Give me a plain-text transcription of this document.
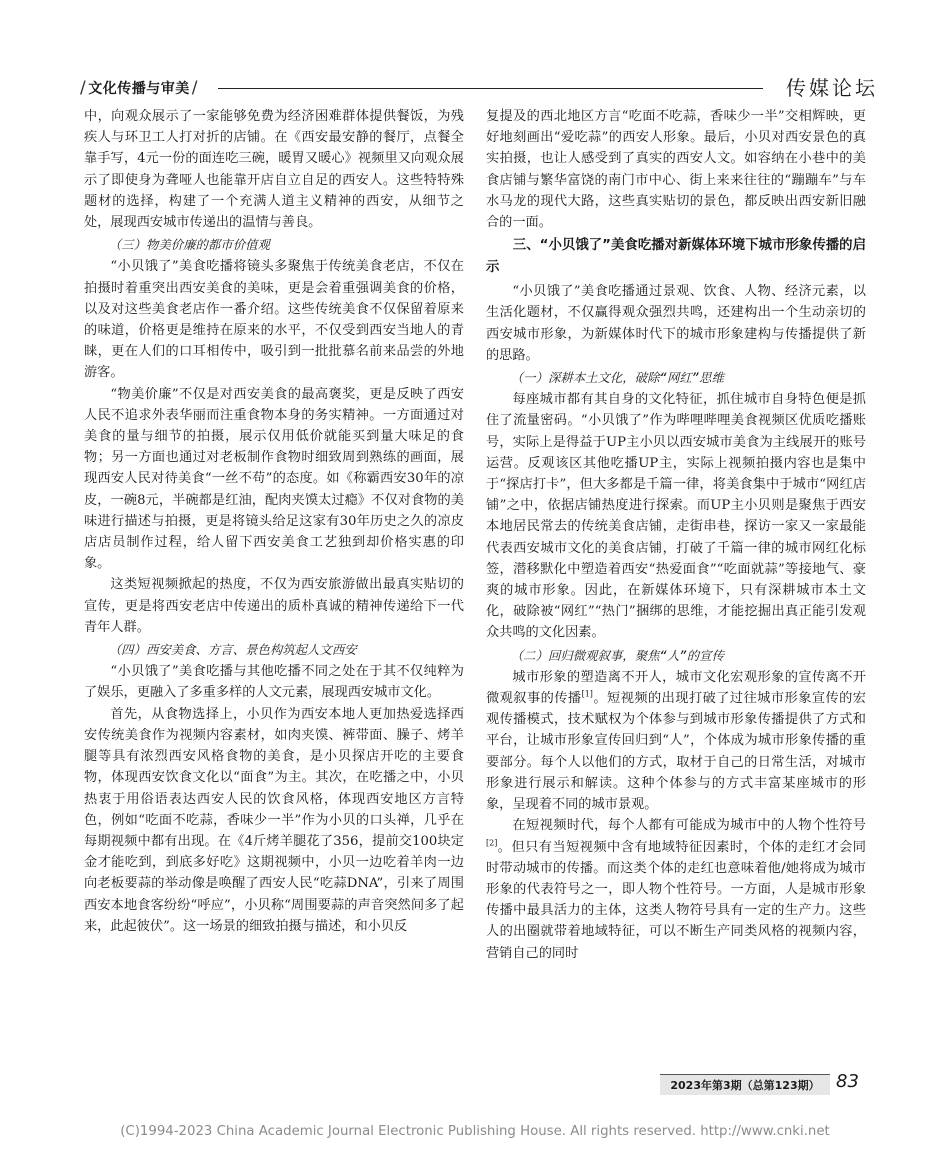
/ 文化传播与审美 /	传媒论坛

中，向观众展示了一家能够免费为经济困难群体提供餐饭，为残疾人与环卫工人打对折的店铺。在《西安最安静的餐厅，点餐全靠手写，4元一份的面连吃三碗，暖胃又暖心》视频里又向观众展示了即使身为聋哑人也能靠开店自立自足的西安人。这些特特殊题材的选择，构建了一个充满人道主义精神的西安，从细节之处，展现西安城市传递出的温情与善良。

（三）物美价廉的都市价值观

“小贝饿了”美食吃播将镜头多聚焦于传统美食老店，不仅在拍摄时着重突出西安美食的美味，更是会着重强调美食的价格，以及对这些美食老店作一番介绍。这些传统美食不仅保留着原来的味道，价格更是维持在原来的水平，不仅受到西安当地人的青睐，更在人们的口耳相传中，吸引到一批批慕名前来品尝的外地游客。

“物美价廉”不仅是对西安美食的最高褒奖，更是反映了西安人民不追求外表华丽而注重食物本身的务实精神。一方面通过对美食的量与细节的拍摄，展示仅用低价就能买到量大味足的食物；另一方面也通过对老板制作食物时细致周到熟练的画面，展现西安人民对待美食“一丝不苟”的态度。如《称霸西安30年的凉皮，一碗8元，半碗都是红油，配肉夹馍太过瘾》不仅对食物的美味进行描述与拍摄，更是将镜头给足这家有30年历史之久的凉皮店店员制作过程，给人留下西安美食工艺独到却价格实惠的印象。

这类短视频掀起的热度，不仅为西安旅游做出最真实贴切的宣传，更是将西安老店中传递出的质朴真诚的精神传递给下一代青年人群。

（四）西安美食、方言、景色构筑起人文西安

“小贝饿了”美食吃播与其他吃播不同之处在于其不仅纯粹为了娱乐，更融入了多重多样的人文元素，展现西安城市文化。

首先，从食物选择上，小贝作为西安本地人更加热爱选择西安传统美食作为视频内容素材，如肉夹馍、裤带面、臊子、烤羊腿等具有浓烈西安风格食物的美食，是小贝探店开吃的主要食物，体现西安饮食文化以“面食”为主。其次，在吃播之中，小贝热衷于用俗语表达西安人民的饮食风格，体现西安地区方言特色，例如“吃面不吃蒜，香味少一半”作为小贝的口头禅，几乎在每期视频中都有出现。在《4斤烤羊腿花了356，提前交100块定金才能吃到，到底多好吃》这期视频中，小贝一边吃着羊肉一边向老板要蒜的举动像是唤醒了西安人民“吃蒜DNA”，引来了周围西安本地食客纷纷“呼应”，小贝称“周围要蒜的声音突然间多了起来，此起彼伏”。这一场景的细致拍摄与描述，和小贝反

复提及的西北地区方言“吃面不吃蒜，香味少一半”交相辉映，更好地刻画出“爱吃蒜”的西安人形象。最后，小贝对西安景色的真实拍摄，也让人感受到了真实的西安人文。如容纳在小巷中的美食店铺与繁华富饶的南门市中心、街上来来往往的“蹦蹦车”与车水马龙的现代大路，这些真实贴切的景色，都反映出西安新旧融合的一面。

三、“小贝饿了”美食吃播对新媒体环境下城市形象传播的启示

“小贝饿了”美食吃播通过景观、饮食、人物、经济元素，以生活化题材，不仅赢得观众强烈共鸣，还建构出一个生动亲切的西安城市形象，为新媒体时代下的城市形象建构与传播提供了新的思路。

（一）深耕本土文化，破除“网红”思维

每座城市都有其自身的文化特征，抓住城市自身特色便是抓住了流量密码。“小贝饿了”作为哔哩哔哩美食视频区优质吃播账号，实际上是得益于UP主小贝以西安城市美食为主线展开的账号运营。反观该区其他吃播UP主，实际上视频拍摄内容也是集中于“探店打卡”，但大多都是千篇一律，将美食集中于城市“网红店铺”之中，依据店铺热度进行探索。而UP主小贝则是聚焦于西安本地居民常去的传统美食店铺，走街串巷，探访一家又一家最能代表西安城市文化的美食店铺，打破了千篇一律的城市网红化标签，潜移默化中塑造着西安“热爱面食”“吃面就蒜”等接地气、豪爽的城市形象。因此，在新媒体环境下，只有深耕城市本土文化，破除被“网红”“热门”捆绑的思维，才能挖掘出真正能引发观众共鸣的文化因素。

（二）回归微观叙事，聚焦“人”的宣传

城市形象的塑造离不开人，城市文化宏观形象的宣传离不开微观叙事的传播[1]。短视频的出现打破了过往城市形象宣传的宏观传播模式，技术赋权为个体参与到城市形象传播提供了方式和平台，让城市形象宣传回归到“人”，个体成为城市形象传播的重要部分。每个人以他们的方式，取材于自己的日常生活，对城市形象进行展示和解读。这种个体参与的方式丰富某座城市的形象，呈现着不同的城市景观。

在短视频时代，每个人都有可能成为城市中的人物个性符号[2]。但只有当短视频中含有地域特征因素时，个体的走红才会同时带动城市的传播。而这类个体的走红也意味着他/她将成为城市形象的代表符号之一，即人物个性符号。一方面，人是城市形象传播中最具活力的主体，这类人物符号具有一定的生产力。这些人的出圈就带着地域特征，可以不断生产同类风格的视频内容，营销自己的同时

2023年第3期（总第123期） 83
(C)1994-2023 China Academic Journal Electronic Publishing House. All rights reserved. http://www.cnki.net
